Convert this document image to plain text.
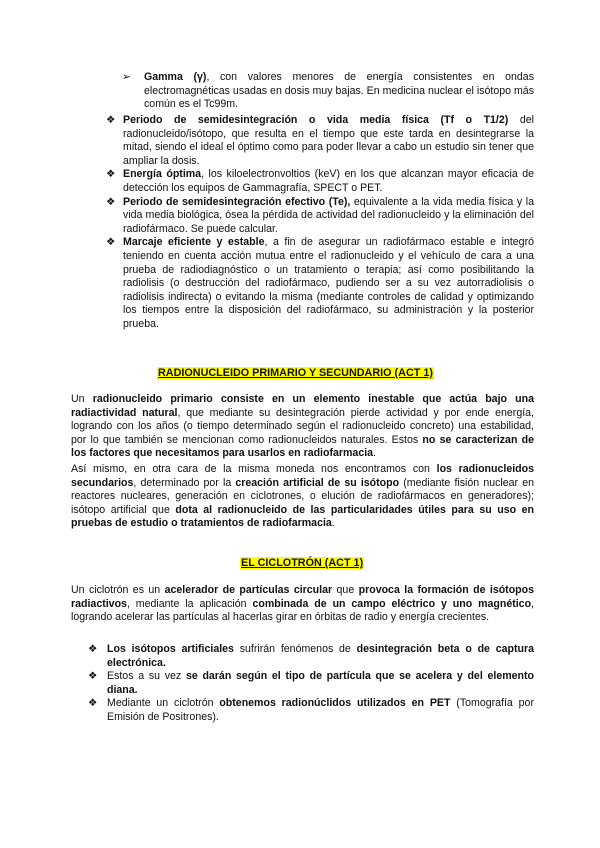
➢	Gamma (γ), con valores menores de energía consistentes en ondas electromagnéticas usadas en dosis muy bajas. En medicina nuclear el isótopo más común es el Tc99m.
❖ Periodo de semidesintegración o vida media física (Tf o T1/2) del radionucleido/isótopo, que resulta en el tiempo que este tarda en desintegrarse la mitad, siendo el ideal el óptimo como para poder llevar a cabo un estudio sin tener que ampliar la dosis.
❖ Energía óptima, los kiloelectronvoltios (keV) en los que alcanzan mayor eficacia de detección los equipos de Gammagrafía, SPECT o PET.
❖ Periodo de semidesintegración efectivo (Te), equivalente a la vida media física y la vida media biológica, ósea la pérdida de actividad del radionucleido y la eliminación del radiofármaco. Se puede calcular.
❖ Marcaje eficiente y estable, a fin de asegurar un radiofármaco estable e integró teniendo en cuenta acción mutua entre el radionucleido y el vehículo de cara a una prueba de radiodiagnóstico o un tratamiento o terapia; así como posibilitando la radiolisis (o destrucción del radiofármaco, pudiendo ser a su vez autorradiolisis o radiolisis indirecta) o evitando la misma (mediante controles de calidad y optimizando los tiempos entre la disposición del radiofármaco, su administración y la posterior prueba.
RADIONUCLEIDO PRIMARIO Y SECUNDARIO (ACT 1)
Un radionucleido primario consiste en un elemento inestable que actúa bajo una radiactividad natural, que mediante su desintegración pierde actividad y por ende energía, logrando con los años (o tiempo determinado según el radionucleido concreto) una estabilidad, por lo que también se mencionan como radionucleidos naturales. Estos no se caracterizan de los factores que necesitamos para usarlos en radiofarmacia.
Así mismo, en otra cara de la misma moneda nos encontramos con los radionucleidos secundarios, determinado por la creación artificial de su isótopo (mediante fisión nuclear en reactores nucleares, generación en ciclotrones, o elución de radiofármacos en generadores); isótopo artificial que dota al radionucleido de las particularidades útiles para su uso en pruebas de estudio o tratamientos de radiofarmacia.
EL CICLOTRÓN (ACT 1)
Un ciclotrón es un acelerador de partículas circular que provoca la formación de isótopos radiactivos, mediante la aplicación combinada de un campo eléctrico y uno magnético, logrando acelerar las partículas al hacerlas girar en órbitas de radio y energía crecientes.
❖ Los isótopos artificiales sufrirán fenómenos de desintegración beta o de captura electrónica.
❖ Estos a su vez se darán según el tipo de partícula que se acelera y del elemento diana.
❖ Mediante un ciclotrón obtenemos radionúclidos utilizados en PET (Tomografía por Emisión de Positrones).
